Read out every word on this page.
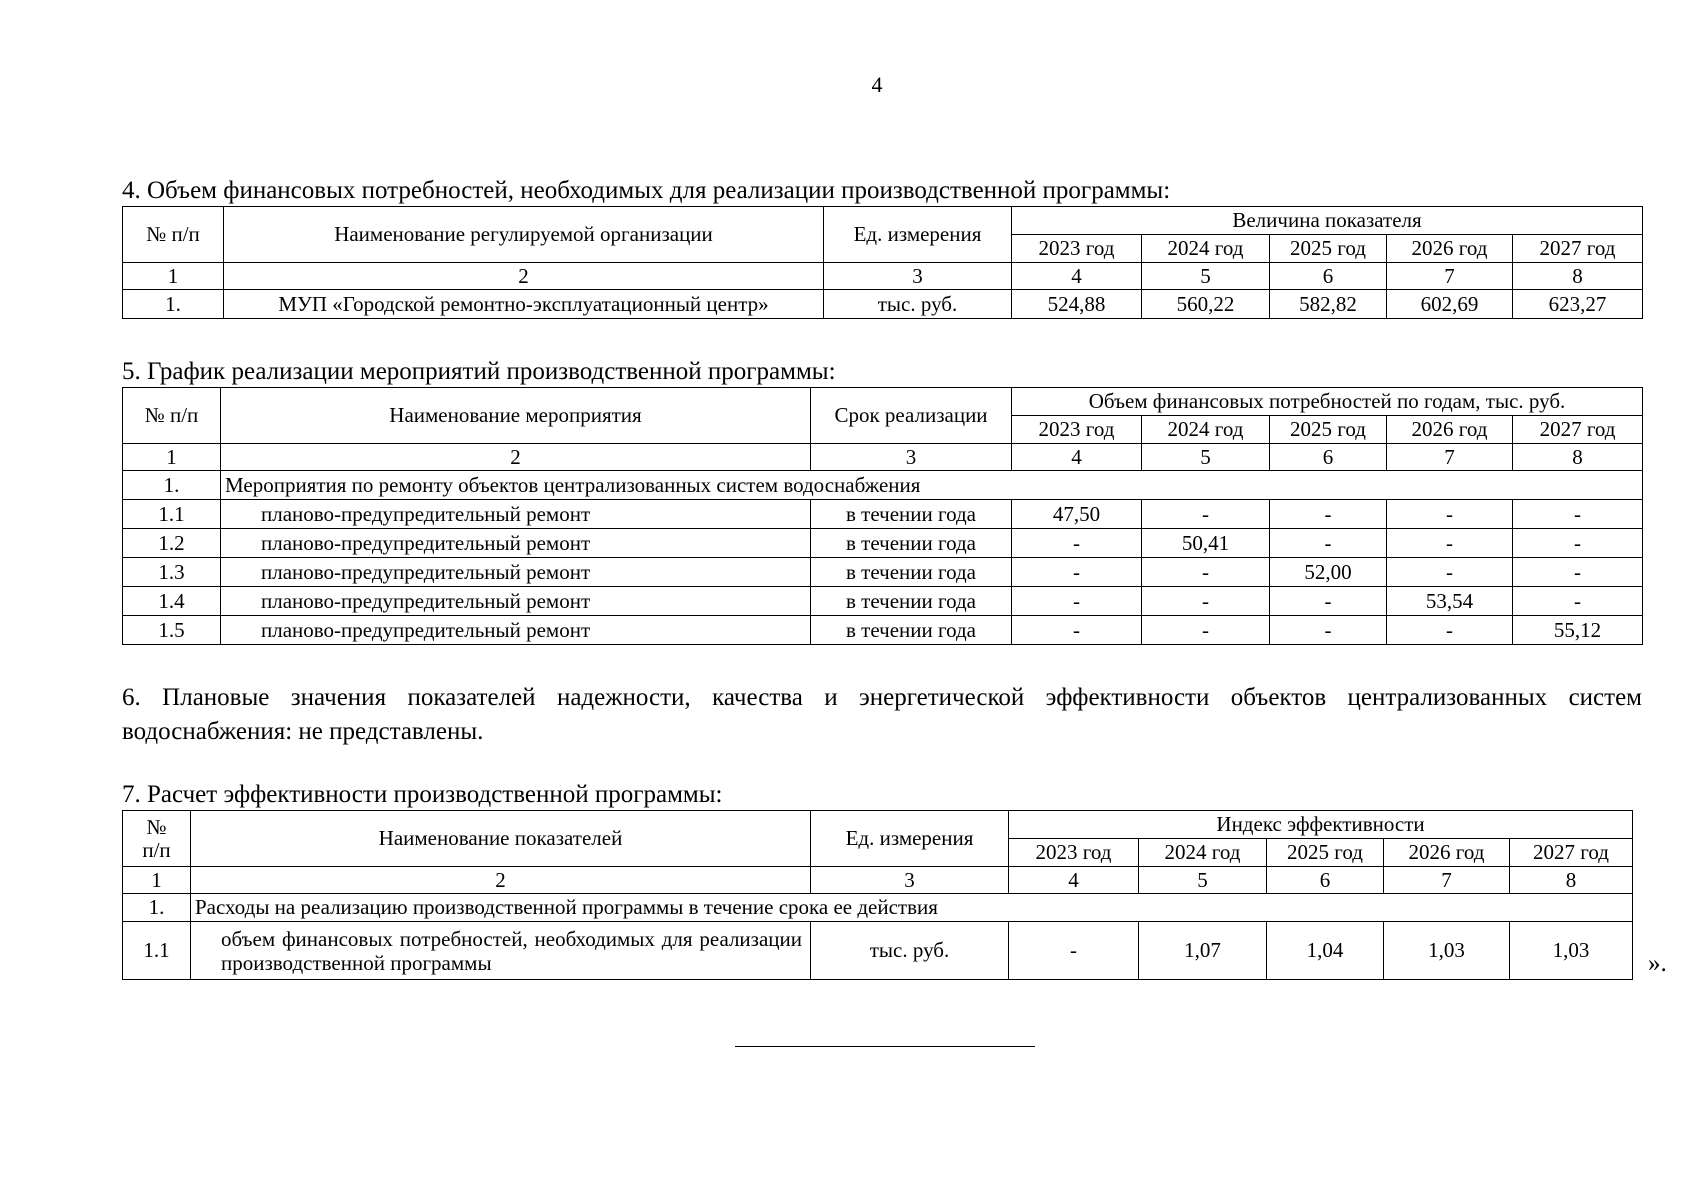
4

4. Объем финансовых потребностей, необходимых для реализации производственной программы:

№ п/п	Наименование регулируемой организации	Ед. измерения	Величина показателя				
			2023 год	2024 год	2025 год	2026 год	2027 год
1	2	3	4	5	6	7	8
1.	МУП «Городской ремонтно-эксплуатационный центр»	тыс. руб.	524,88	560,22	582,82	602,69	623,27

5. График реализации мероприятий производственной программы:

№ п/п	Наименование мероприятия	Срок реализации	Объем финансовых потребностей по годам, тыс. руб.				
			2023 год	2024 год	2025 год	2026 год	2027 год
1	2	3	4	5	6	7	8
1.	Мероприятия по ремонту объектов централизованных систем водоснабжения						
1.1	планово-предупредительный ремонт	в течении года	47,50	-	-	-	-
1.2	планово-предупредительный ремонт	в течении года	-	50,41	-	-	-
1.3	планово-предупредительный ремонт	в течении года	-	-	52,00	-	-
1.4	планово-предупредительный ремонт	в течении года	-	-	-	53,54	-
1.5	планово-предупредительный ремонт	в течении года	-	-	-	-	55,12

6. Плановые значения показателей надежности, качества и энергетической эффективности объектов централизованных систем водоснабжения: не представлены.

7. Расчет эффективности производственной программы:

№
п/п	Наименование показателей	Ед. измерения	Индекс эффективности				
			2023 год	2024 год	2025 год	2026 год	2027 год
1	2	3	4	5	6	7	8
1.	Расходы на реализацию производственной программы в течение срока ее действия						
1.1	объем финансовых потребностей, необходимых для реализации производственной программы	тыс. руб.	-	1,07	1,04	1,03	1,03 ».
